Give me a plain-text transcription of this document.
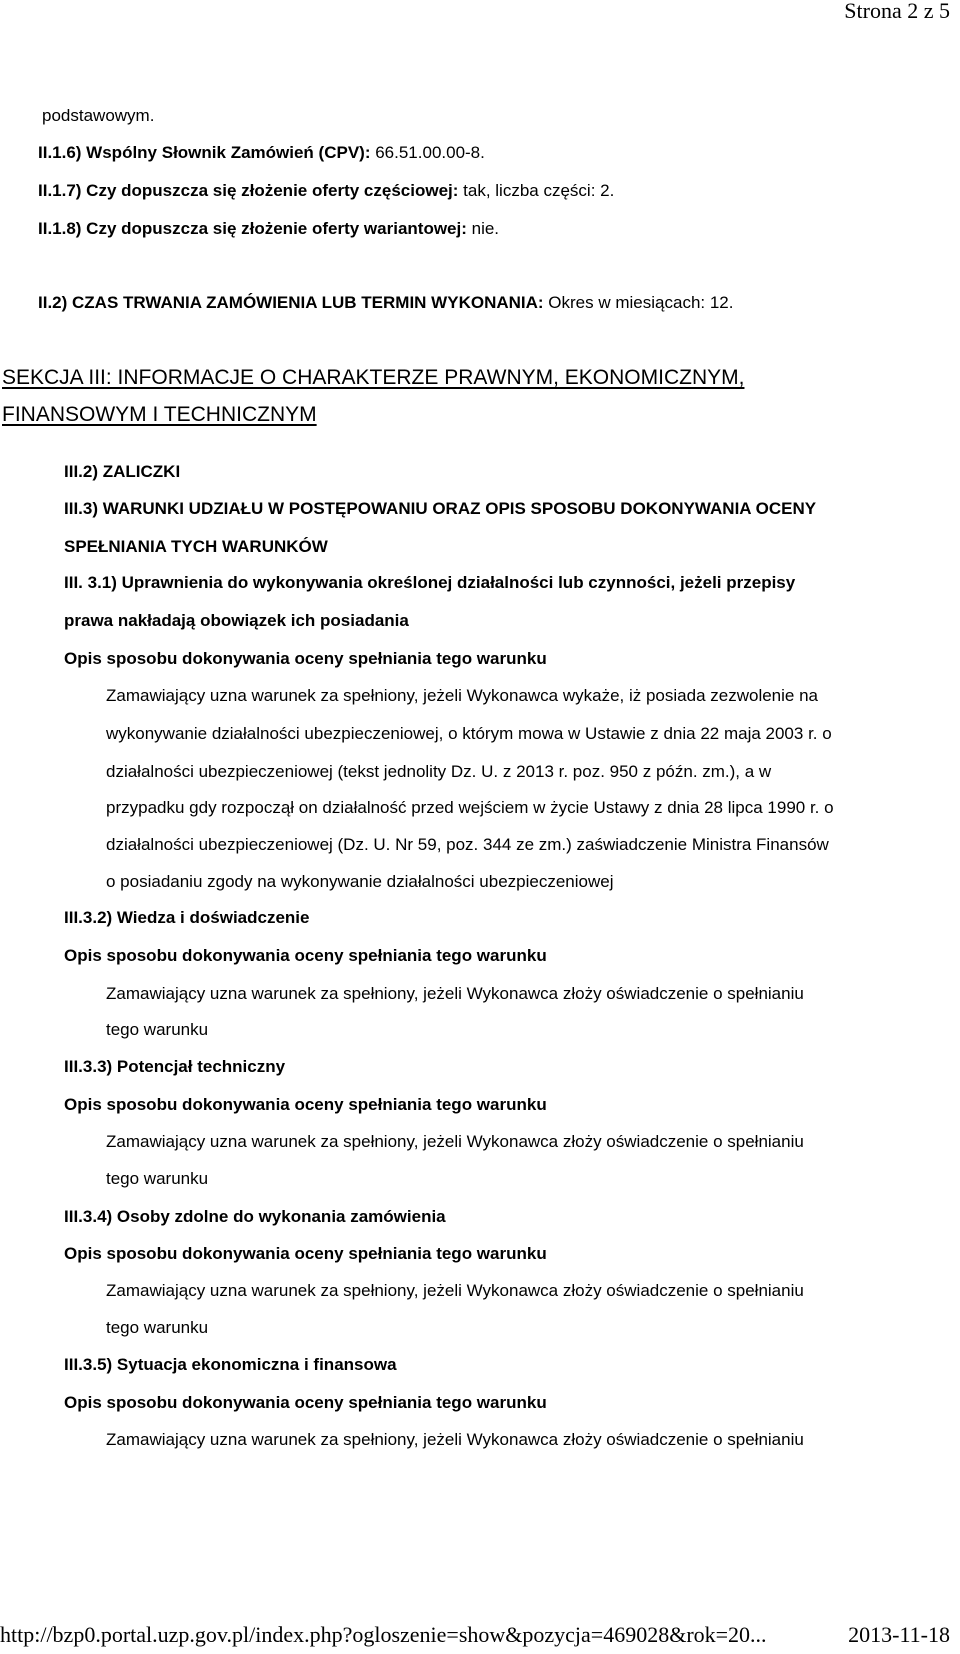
Strona 2 z 5
podstawowym.
II.1.6) Wspólny Słownik Zamówień (CPV): 66.51.00.00-8.
II.1.7) Czy dopuszcza się złożenie oferty częściowej: tak, liczba części: 2.
II.1.8) Czy dopuszcza się złożenie oferty wariantowej: nie.
II.2) CZAS TRWANIA ZAMÓWIENIA LUB TERMIN WYKONANIA: Okres w miesiącach: 12.
SEKCJA III: INFORMACJE O CHARAKTERZE PRAWNYM, EKONOMICZNYM,
FINANSOWYM I TECHNICZNYM
III.2) ZALICZKI
III.3) WARUNKI UDZIAŁU W POSTĘPOWANIU ORAZ OPIS SPOSOBU DOKONYWANIA OCENY
SPEŁNIANIA TYCH WARUNKÓW
III. 3.1) Uprawnienia do wykonywania określonej działalności lub czynności, jeżeli przepisy
prawa nakładają obowiązek ich posiadania
Opis sposobu dokonywania oceny spełniania tego warunku
Zamawiający uzna warunek za spełniony, jeżeli Wykonawca wykaże, iż posiada zezwolenie na
wykonywanie działalności ubezpieczeniowej, o którym mowa w Ustawie z dnia 22 maja 2003 r. o
działalności ubezpieczeniowej (tekst jednolity Dz. U. z 2013 r. poz. 950 z późn. zm.), a w
przypadku gdy rozpoczął on działalność przed wejściem w życie Ustawy z dnia 28 lipca 1990 r. o
działalności ubezpieczeniowej (Dz. U. Nr 59, poz. 344 ze zm.) zaświadczenie Ministra Finansów
o posiadaniu zgody na wykonywanie działalności ubezpieczeniowej
III.3.2) Wiedza i doświadczenie
Opis sposobu dokonywania oceny spełniania tego warunku
Zamawiający uzna warunek za spełniony, jeżeli Wykonawca złoży oświadczenie o spełnianiu
tego warunku
III.3.3) Potencjał techniczny
Opis sposobu dokonywania oceny spełniania tego warunku
Zamawiający uzna warunek za spełniony, jeżeli Wykonawca złoży oświadczenie o spełnianiu
tego warunku
III.3.4) Osoby zdolne do wykonania zamówienia
Opis sposobu dokonywania oceny spełniania tego warunku
Zamawiający uzna warunek za spełniony, jeżeli Wykonawca złoży oświadczenie o spełnianiu
tego warunku
III.3.5) Sytuacja ekonomiczna i finansowa
Opis sposobu dokonywania oceny spełniania tego warunku
Zamawiający uzna warunek za spełniony, jeżeli Wykonawca złoży oświadczenie o spełnianiu
http://bzp0.portal.uzp.gov.pl/index.php?ogloszenie=show&pozycja=469028&rok=20...	2013-11-18
